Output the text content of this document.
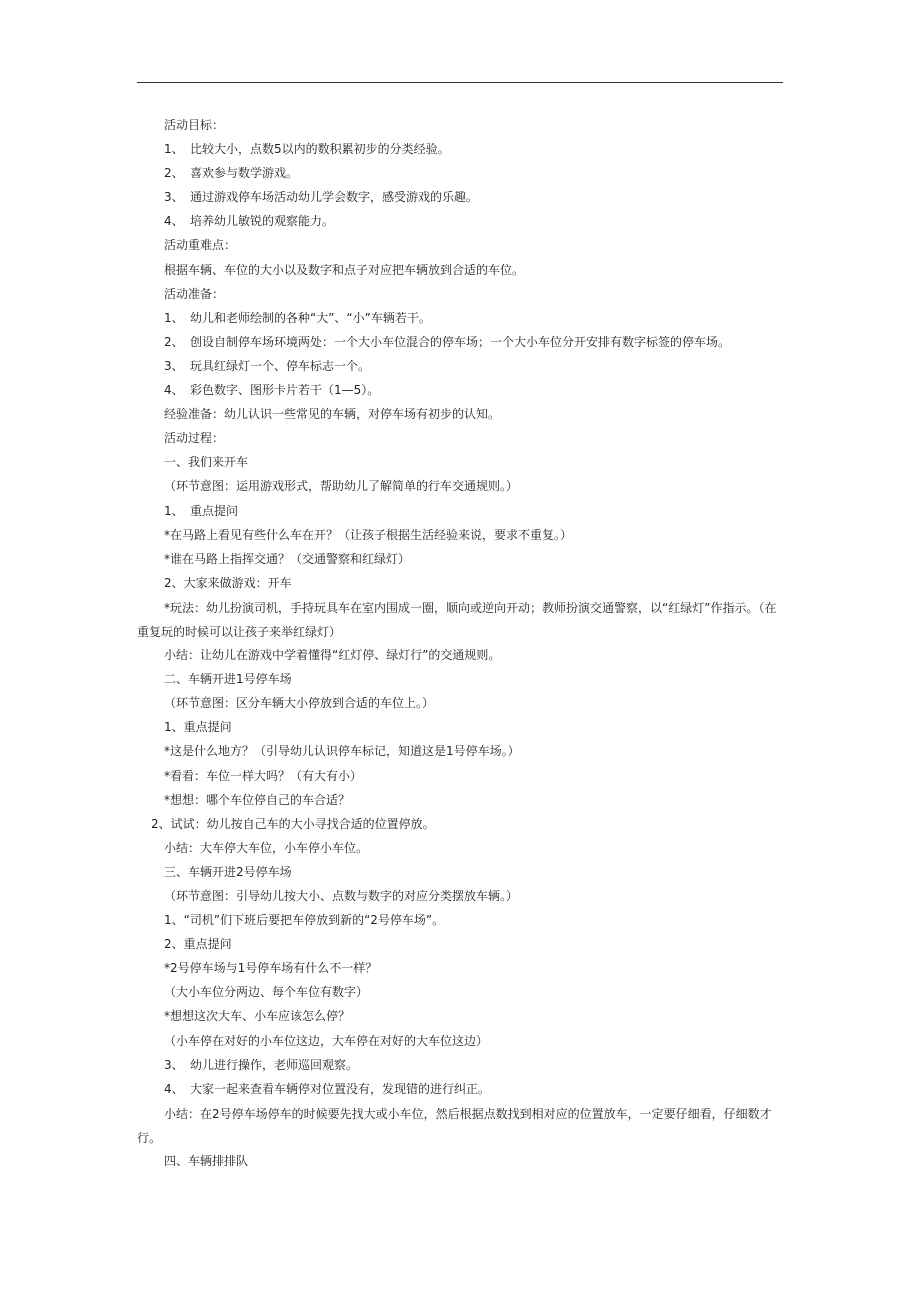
活动目标：
1、 比较大小，点数5以内的数积累初步的分类经验。
2、 喜欢参与数学游戏。
3、 通过游戏停车场活动幼儿学会数字，感受游戏的乐趣。
4、 培养幼儿敏锐的观察能力。
活动重难点：
根据车辆、车位的大小以及数字和点子对应把车辆放到合适的车位。
活动准备：
1、 幼儿和老师绘制的各种“大”、“小”车辆若干。
2、 创设自制停车场环境两处：一个大小车位混合的停车场；一个大小车位分开安排有数字标签的停车场。
3、 玩具红绿灯一个、停车标志一个。
4、 彩色数字、图形卡片若干（1—5）。
经验准备：幼儿认识一些常见的车辆，对停车场有初步的认知。
活动过程：
一、我们来开车
（环节意图：运用游戏形式，帮助幼儿了解简单的行车交通规则。）
1、 重点提问
*在马路上看见有些什么车在开？（让孩子根据生活经验来说，要求不重复。）
*谁在马路上指挥交通？（交通警察和红绿灯）
2、大家来做游戏：开车
*玩法：幼儿扮演司机，手持玩具车在室内围成一圈，顺向或逆向开动；教师扮演交通警察，以“红绿灯”作指示。（在重复玩的时候可以让孩子来举红绿灯）
小结：让幼儿在游戏中学着懂得“红灯停、绿灯行”的交通规则。
二、车辆开进1号停车场
（环节意图：区分车辆大小停放到合适的车位上。）
1、重点提问
*这是什么地方？（引导幼儿认识停车标记，知道这是1号停车场。）
*看看：车位一样大吗？（有大有小）
*想想：哪个车位停自己的车合适？
2、试试：幼儿按自己车的大小寻找合适的位置停放。
小结：大车停大车位，小车停小车位。
三、车辆开进2号停车场
（环节意图：引导幼儿按大小、点数与数字的对应分类摆放车辆。）
1、“司机”们下班后要把车停放到新的“2号停车场”。
2、重点提问
*2号停车场与1号停车场有什么不一样？
（大小车位分两边、每个车位有数字）
*想想这次大车、小车应该怎么停？
（小车停在对好的小车位这边，大车停在对好的大车位这边）
3、 幼儿进行操作，老师巡回观察。
4、 大家一起来查看车辆停对位置没有，发现错的进行纠正。
小结：在2号停车场停车的时候要先找大或小车位，然后根据点数找到相对应的位置放车，一定要仔细看，仔细数才行。
四、车辆排排队
